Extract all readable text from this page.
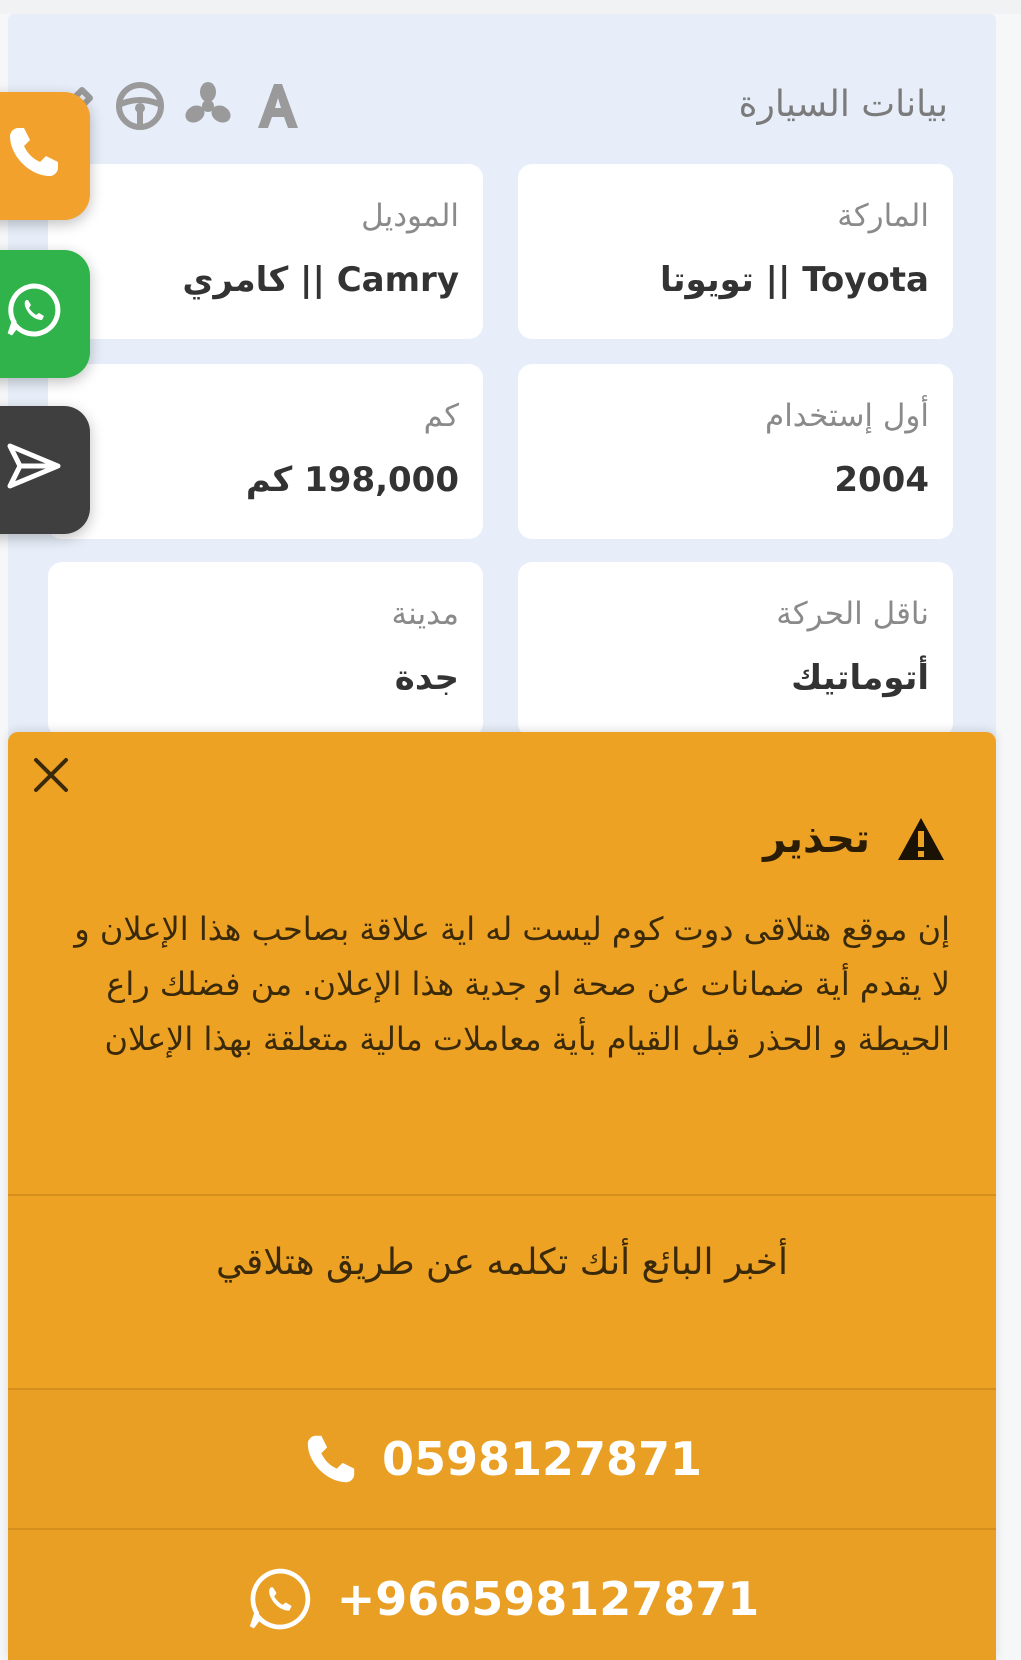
بيانات السيارة
الماركة
Toyota || تويوتا
الموديل
Camry || كامري
أول إستخدام
2004
كم
198,000 كم
ناقل الحركة
أتوماتيك
مدينة
جدة
تحذير
إن موقع هتلاقى دوت كوم ليست له اية علاقة بصاحب هذا الإعلان و لا يقدم أية ضمانات عن صحة او جدية هذا الإعلان. من فضلك راع الحيطة و الحذر قبل القيام بأية معاملات مالية متعلقة بهذا الإعلان
أخبر البائع أنك تكلمه عن طريق هتلاقي
0598127871
+966598127871
